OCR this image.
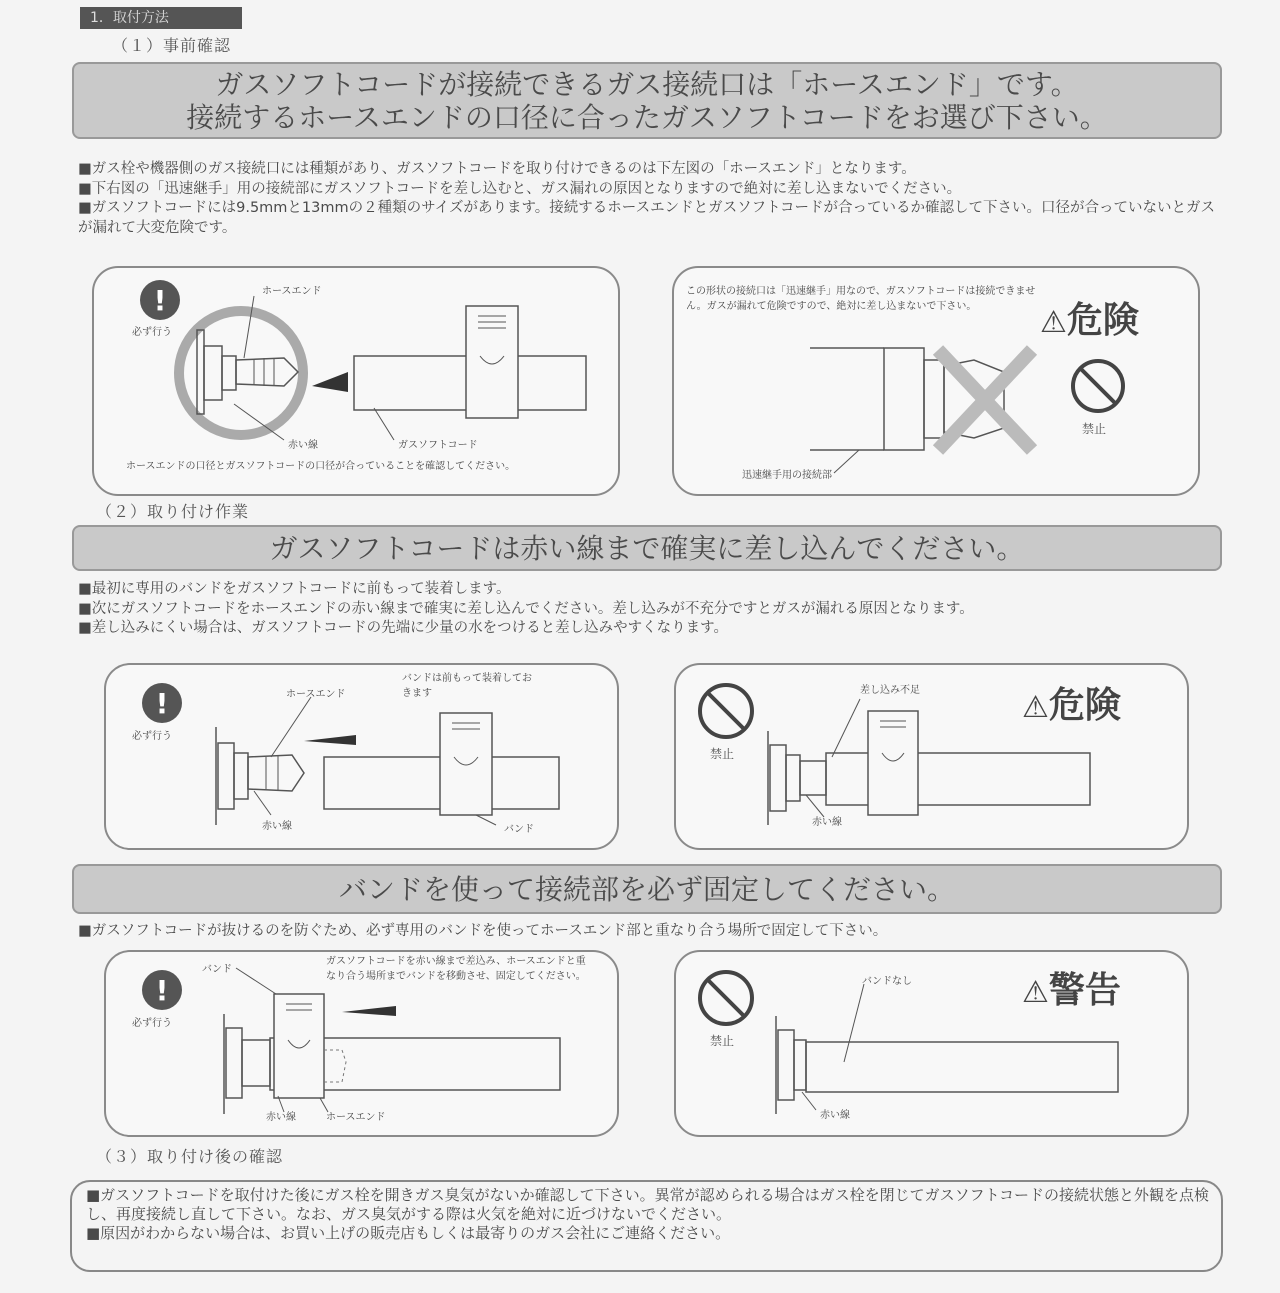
1．取付方法
（１）事前確認
ガスソフトコードが接続できるガス接続口は「ホースエンド」です。
接続するホースエンドの口径に合ったガスソフトコードをお選び下さい。

■ガス栓や機器側のガス接続口には種類があり、ガスソフトコードを取り付けできるのは下左図の「ホースエンド」となります。

■下右図の「迅速継手」用の接続部にガスソフトコードを差し込むと、ガス漏れの原因となりますので絶対に差し込まないでください。

■ガスソフトコードには9.5mmと13mmの２種類のサイズがあります。接続するホースエンドとガスソフトコードが合っているか確認して下さい。口径が合っていないとガスが漏れて大変危険です。

!
必ず行う
ホースエンド
赤い線	ガスソフトコード
ホースエンドの口径とガスソフトコードの口径が合っていることを確認してください。
この形状の接続口は「迅速継手」用なので、ガスソフトコードは接続できません。ガスが漏れて危険ですので、絶対に差し込まないで下さい。	⚠危険
禁止
迅速継手用の接続部
（２）取り付け作業
ガスソフトコードは赤い線まで確実に差し込んでください。

■最初に専用のバンドをガスソフトコードに前もって装着します。

■次にガスソフトコードをホースエンドの赤い線まで確実に差し込んでください。差し込みが不充分ですとガスが漏れる原因となります。

■差し込みにくい場合は、ガスソフトコードの先端に少量の水をつけると差し込みやすくなります。

!
必ず行う
ホースエンド
バンドは前もって装着しておきます
赤い線	バンド
禁止
差し込み不足	⚠危険
赤い線
バンドを使って接続部を必ず固定してください。

■ガスソフトコードが抜けるのを防ぐため、必ず専用のバンドを使ってホースエンド部と重なり合う場所で固定して下さい。

!
必ず行う
バンド
ガスソフトコードを赤い線まで差込み、ホースエンドと重なり合う場所までバンドを移動させ、固定してください。
赤い線	ホースエンド
禁止
バンドなし	⚠警告
赤い線
（３）取り付け後の確認

■ガスソフトコードを取付けた後にガス栓を開きガス臭気がないか確認して下さい。異常が認められる場合はガス栓を閉じてガスソフトコードの接続状態と外観を点検し、再度接続し直して下さい。なお、ガス臭気がする際は火気を絶対に近づけないでください。

■原因がわからない場合は、お買い上げの販売店もしくは最寄りのガス会社にご連絡ください。
